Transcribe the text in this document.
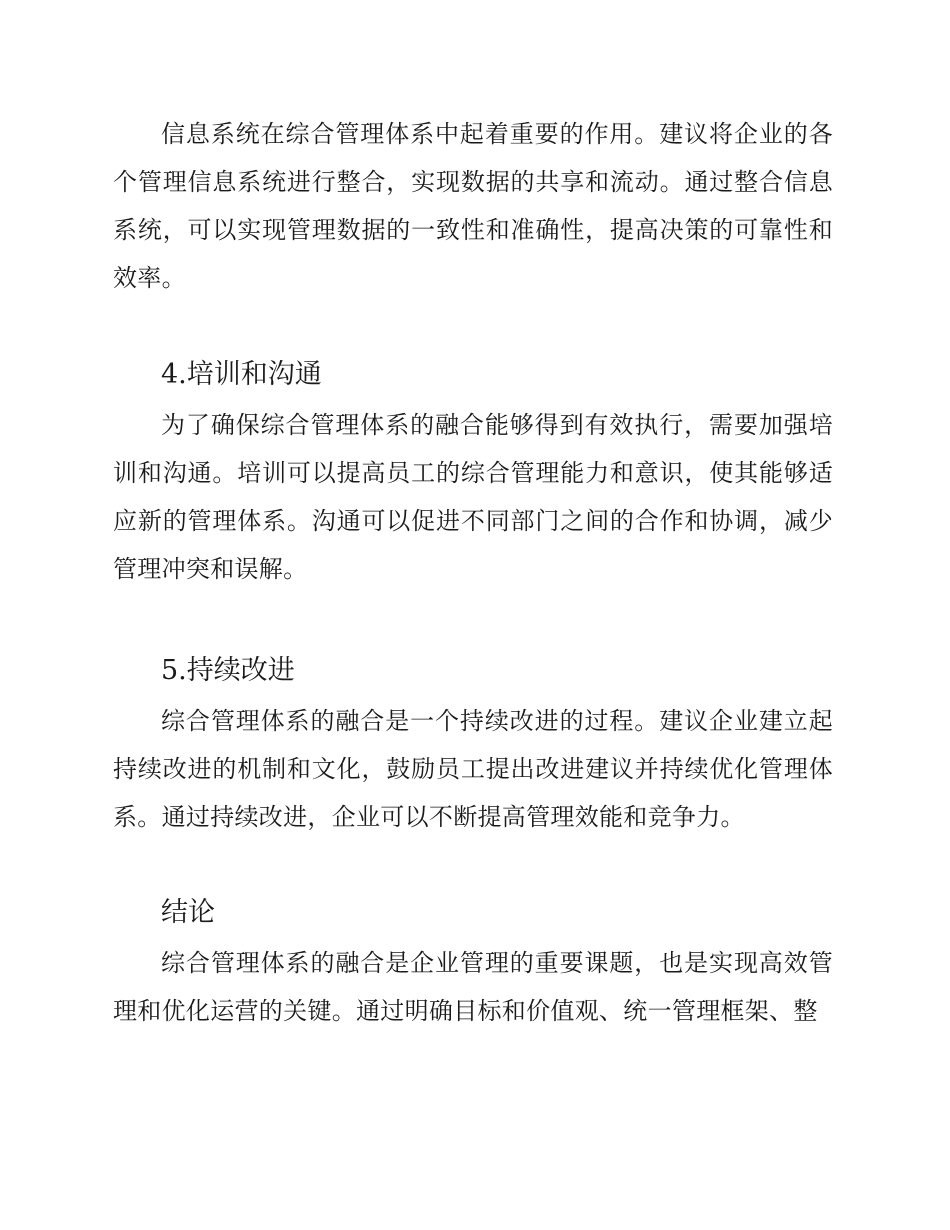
信息系统在综合管理体系中起着重要的作用。建议将企业的各个管理信息系统进行整合，实现数据的共享和流动。通过整合信息系统，可以实现管理数据的一致性和准确性，提高决策的可靠性和效率。

4.培训和沟通

为了确保综合管理体系的融合能够得到有效执行，需要加强培训和沟通。培训可以提高员工的综合管理能力和意识，使其能够适应新的管理体系。沟通可以促进不同部门之间的合作和协调，减少管理冲突和误解。

5.持续改进

综合管理体系的融合是一个持续改进的过程。建议企业建立起持续改进的机制和文化，鼓励员工提出改进建议并持续优化管理体系。通过持续改进，企业可以不断提高管理效能和竞争力。

结论

综合管理体系的融合是企业管理的重要课题，也是实现高效管理和优化运营的关键。通过明确目标和价值观、统一管理框架、整
